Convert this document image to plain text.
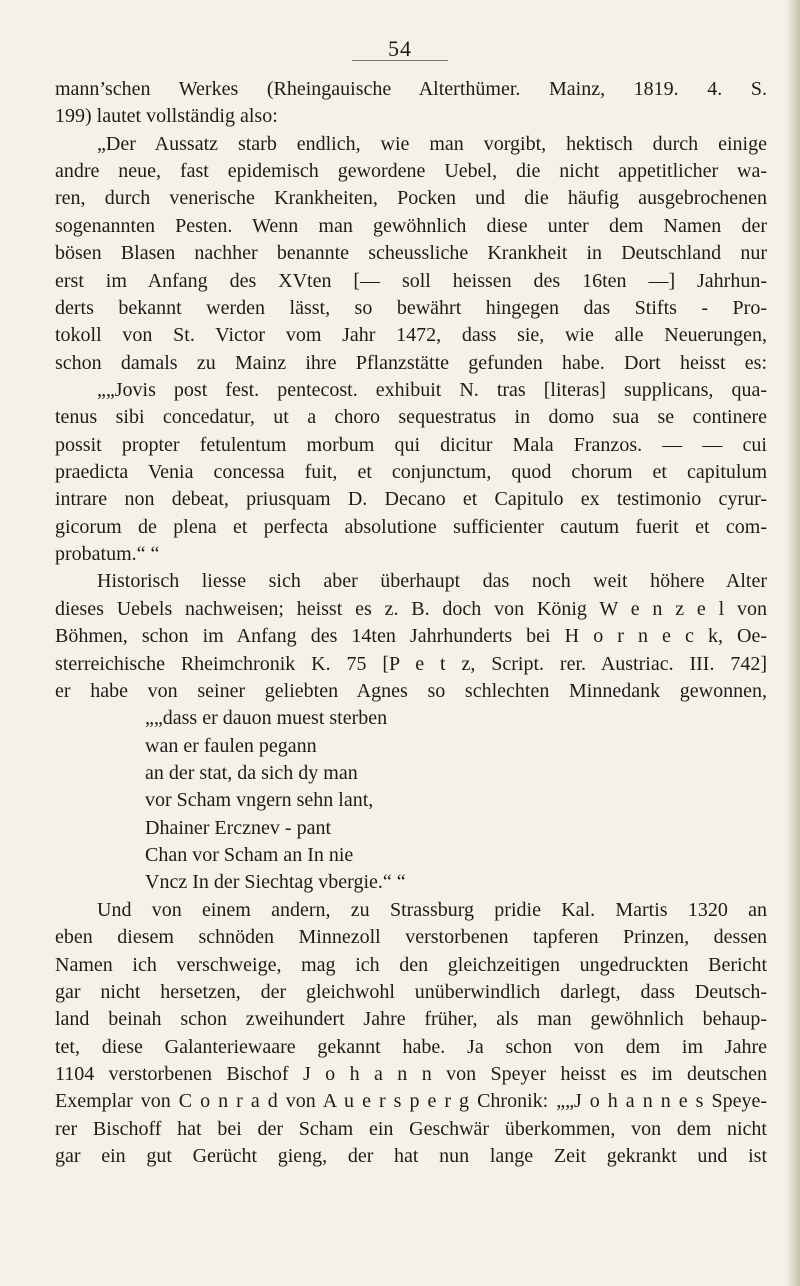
54
mann’schen Werkes (Rheingauische Alterthümer. Mainz, 1819. 4. S.
199) lautet vollständig also:
„Der Aussatz starb endlich, wie man vorgibt, hektisch durch einige
andre neue, fast epidemisch gewordene Uebel, die nicht appetitlicher wa-
ren, durch venerische Krankheiten, Pocken und die häufig ausgebrochenen
sogenannten Pesten. Wenn man gewöhnlich diese unter dem Namen der
bösen Blasen nachher benannte scheussliche Krankheit in Deutschland nur
erst im Anfang des XVten [— soll heissen des 16ten —] Jahrhun-
derts bekannt werden lässt, so bewährt hingegen das Stifts - Pro-
tokoll von St. Victor vom Jahr 1472, dass sie, wie alle Neuerungen,
schon damals zu Mainz ihre Pflanzstätte gefunden habe. Dort heisst es:
„„Jovis post fest. pentecost. exhibuit N. tras [literas] supplicans, qua-
tenus sibi concedatur, ut a choro sequestratus in domo sua se continere
possit propter fetulentum morbum qui dicitur Mala Franzos. — — cui
praedicta Venia concessa fuit, et conjunctum, quod chorum et capitulum
intrare non debeat, priusquam D. Decano et Capitulo ex testimonio cyrur-
gicorum de plena et perfecta absolutione sufficienter cautum fuerit et com-
probatum.“ “
Historisch liesse sich aber überhaupt das noch weit höhere Alter
dieses Uebels nachweisen; heisst es z. B. doch von König W e n z e l von
Böhmen, schon im Anfang des 14ten Jahrhunderts bei H o r n e c k, Oe-
sterreichische Rheimchronik K. 75 [P e t z, Script. rer. Austriac. III. 742]
er habe von seiner geliebten Agnes so schlechten Minnedank gewonnen,
„„dass er dauon muest sterben
wan er faulen pegann
an der stat, da sich dy man
vor Scham vngern sehn lant,
Dhainer Ercznev - pant
Chan vor Scham an In nie
Vncz In der Siechtag vbergie.“ “
Und von einem andern, zu Strassburg pridie Kal. Martis 1320 an
eben diesem schnöden Minnezoll verstorbenen tapferen Prinzen, dessen
Namen ich verschweige, mag ich den gleichzeitigen ungedruckten Bericht
gar nicht hersetzen, der gleichwohl unüberwindlich darlegt, dass Deutsch-
land beinah schon zweihundert Jahre früher, als man gewöhnlich behaup-
tet, diese Galanteriewaare gekannt habe. Ja schon von dem im Jahre
1104 verstorbenen Bischof J o h a n n von Speyer heisst es im deutschen
Exemplar von C o n r a d von A u e r s p e r g Chronik: „„J o h a n n e s Speye-
rer Bischoff hat bei der Scham ein Geschwär überkommen, von dem nicht
gar ein gut Gerücht gieng, der hat nun lange Zeit gekrankt und ist
